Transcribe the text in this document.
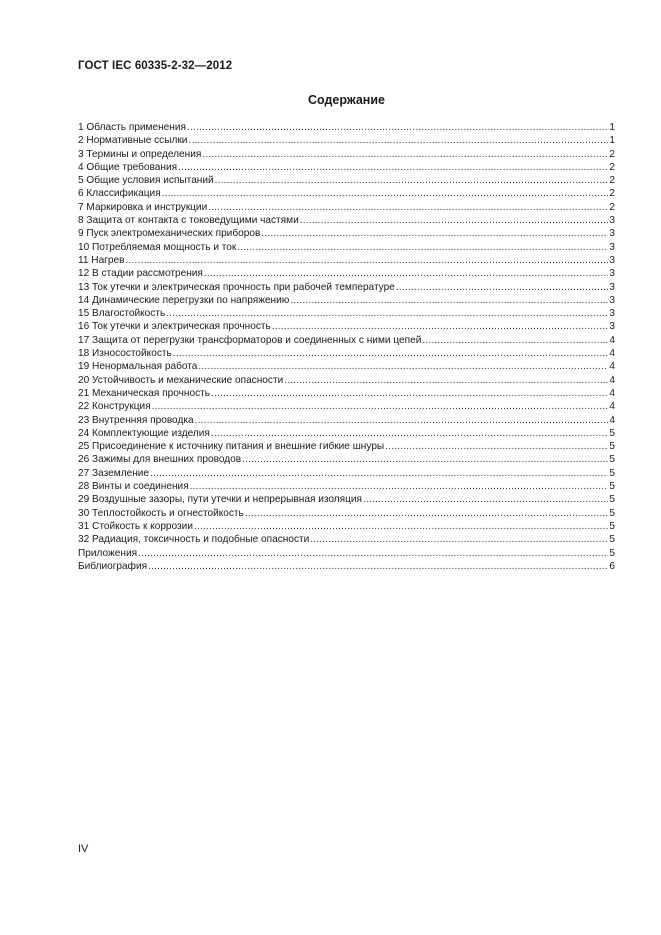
ГОСТ IEC 60335-2-32—2012
Содержание
1 Область применения .....	1
2 Нормативные ссылки .....	1
3 Термины и определения .....	2
4 Общие требования .....	2
5 Общие условия испытаний .....	2
6 Классификация .....	2
7 Маркировка и инструкции .....	2
8 Защита от контакта с токоведущими частями .....	3
9 Пуск электромеханических приборов .....	3
10 Потребляемая мощность и ток .....	3
11 Нагрев .....	3
12 В стадии рассмотрения .....	3
13 Ток утечки и электрическая прочность при рабочей температуре .....	3
14 Динамические перегрузки по напряжению .....	3
15 Влагостойкость .....	3
16 Ток утечки и электрическая прочность .....	3
17 Защита от перегрузки трансформаторов и соединенных с ними цепей .....	4
18 Износостойкость .....	4
19 Ненормальная работа .....	4
20 Устойчивость и механические опасности .....	4
21 Механическая прочность .....	4
22 Конструкция .....	4
23 Внутренняя проводка .....	4
24 Комплектующие изделия .....	5
25 Присоединение к источнику питания и внешние гибкие шнуры .....	5
26 Зажимы для внешних проводов .....	5
27 Заземление .....	5
28 Винты и соединения .....	5
29 Воздушные зазоры, пути утечки и непрерывная изоляция .....	5
30 Теплостойкость и огнестойкость .....	5
31 Стойкость к коррозии .....	5
32 Радиация, токсичность и подобные опасности .....	5
Приложения .....	5
Библиография .....	6
IV
